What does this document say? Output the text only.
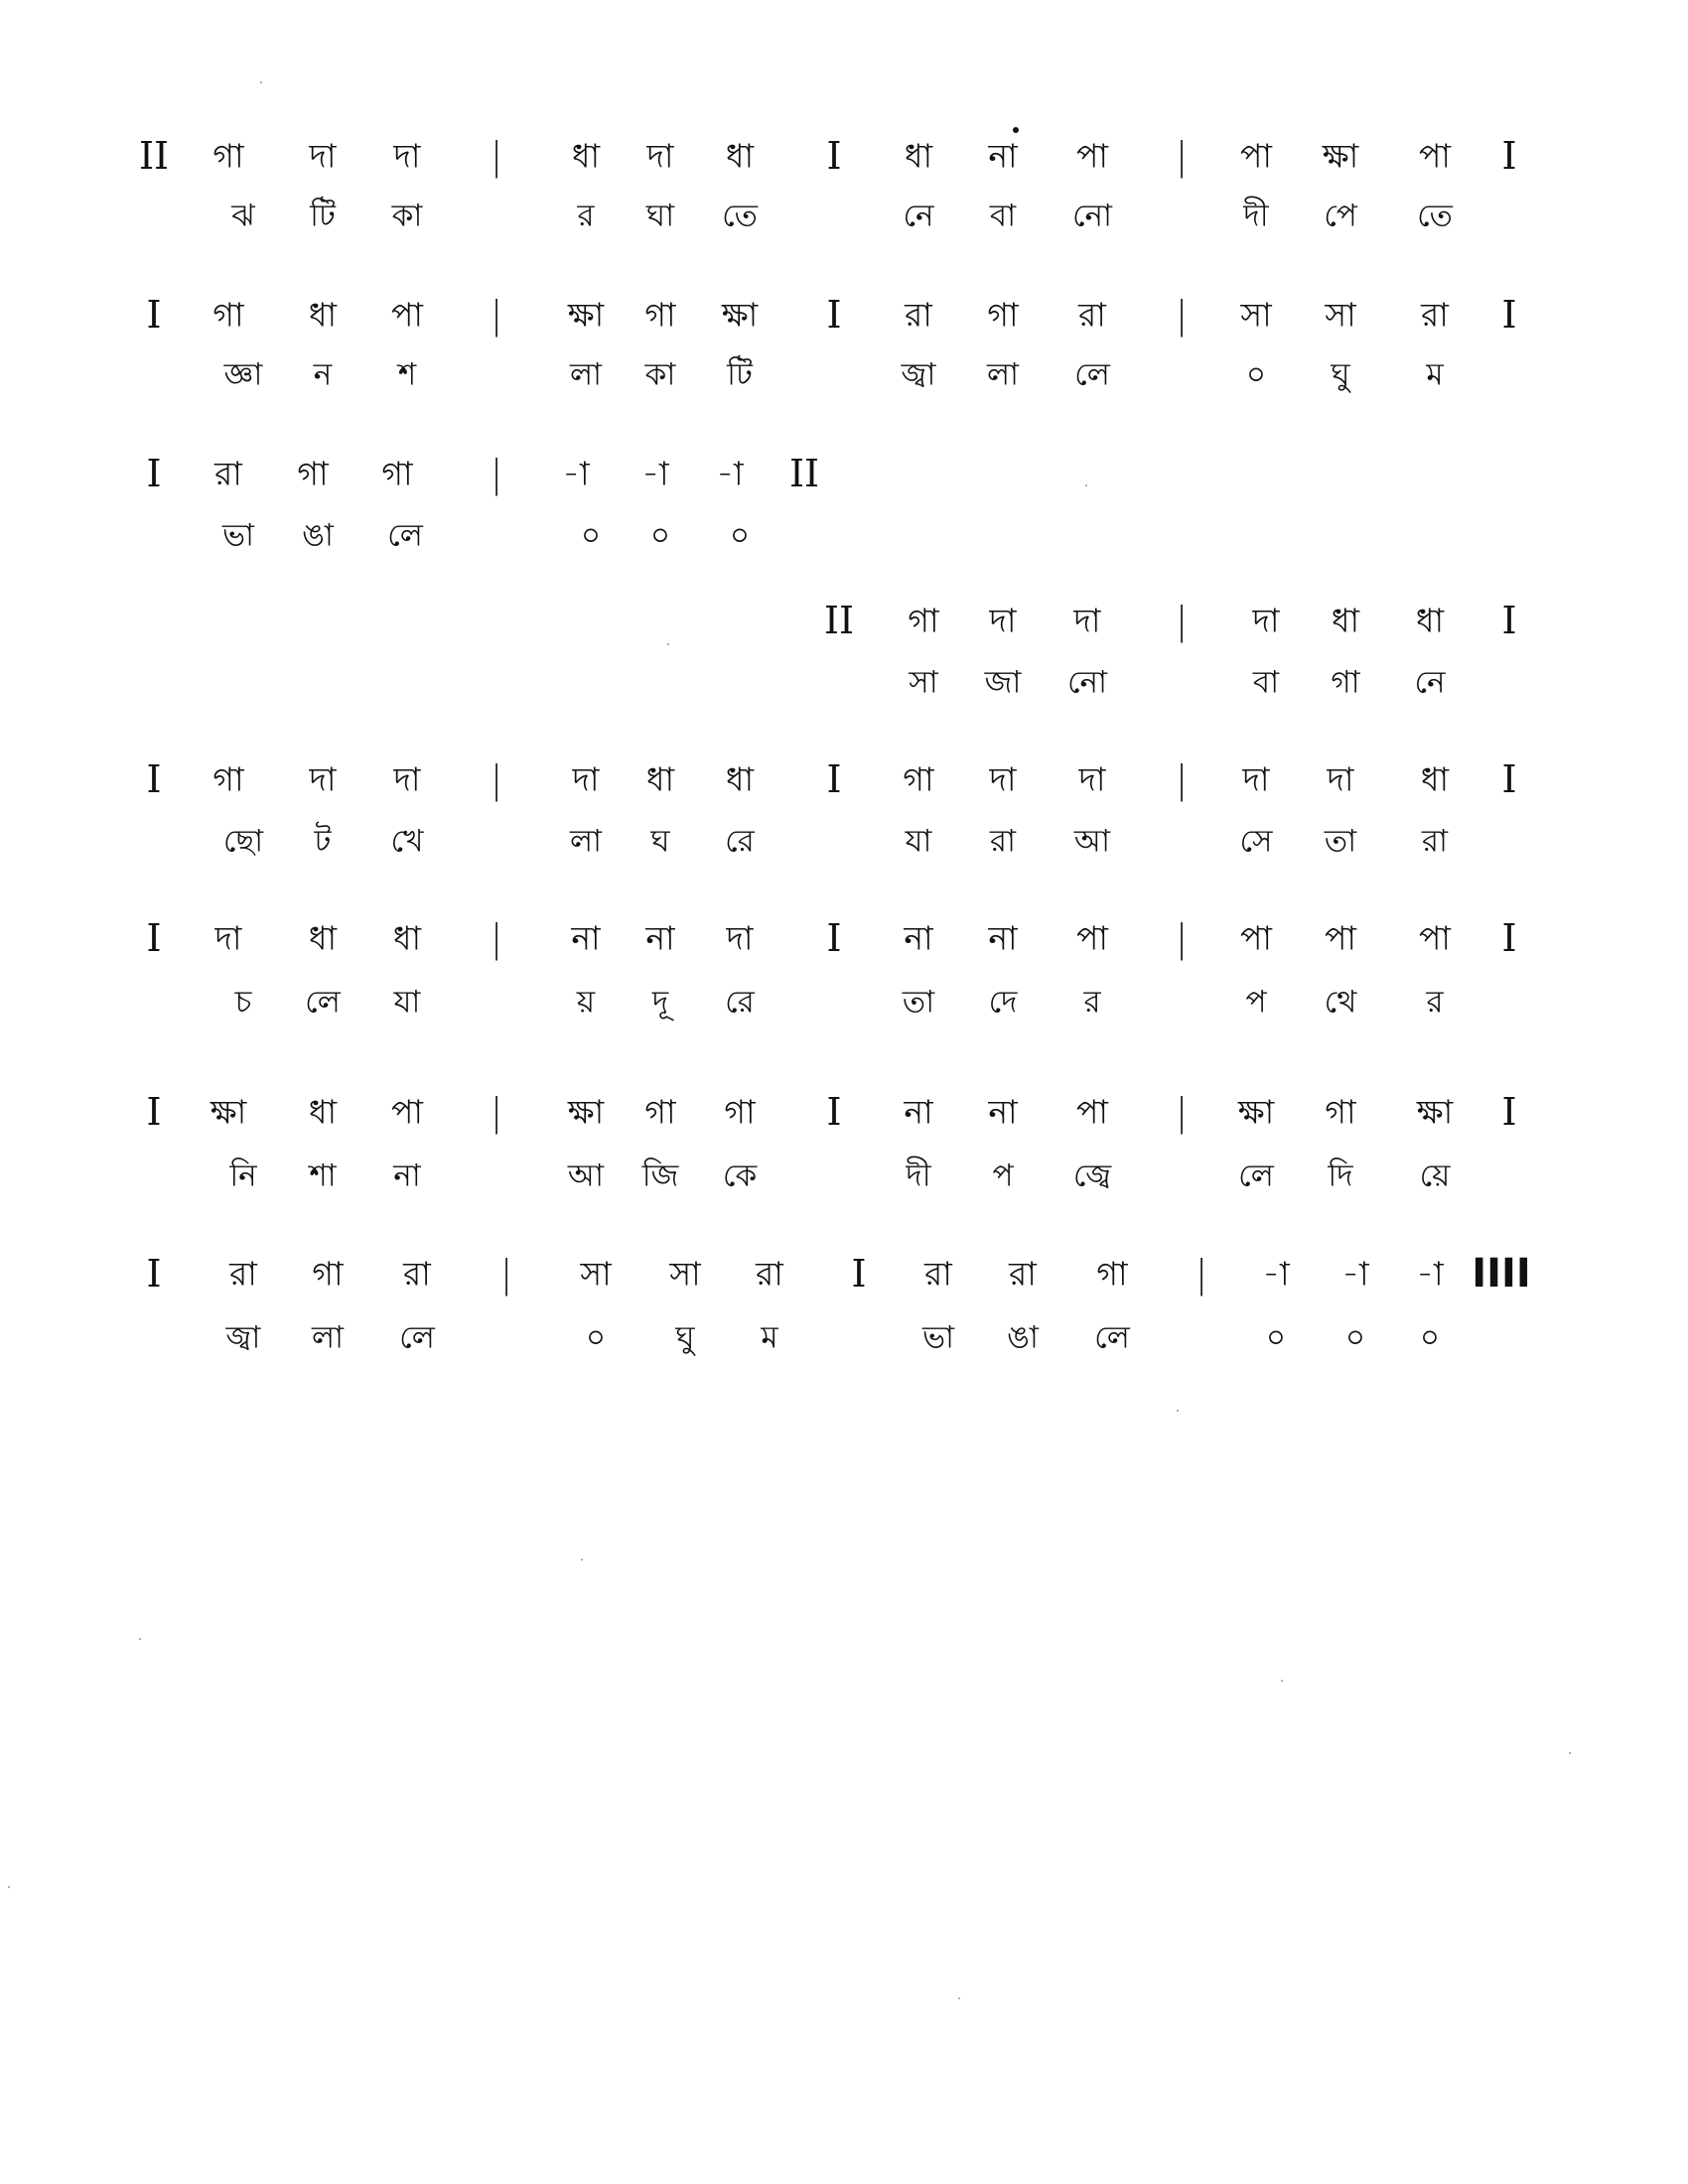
II গা দা দা | ধা দা ধা I ধা না পা | পা ক্ষা পা I
ঝ টি কা	র ঘা তে	নে বা নো	দী পে তে
I গা ধা পা | ক্ষা গা ক্ষা I রা গা রা | সা সা রা I
জ্ঞা ন শ	লা কা টি	জ্বা লা লে	০ ঘু ম
I রা গা গা | -া -া -া II
ভা ঙা লে	০ ০ ০
II গা দা দা | দা ধা ধা I
সা জা নো	বা গা নে
I গা দা দা | দা ধা ধা I গা দা দা | দা দা ধা I
ছো ট খে	লা ঘ রে	যা রা আ	সে তা রা
I দা ধা ধা | না না দা I না না পা | পা পা পা I
চ লে যা	য় দূ রে	তা দে র	প থে র
I ক্ষা ধা পা | ক্ষা গা গা I না না পা | ক্ষা গা ক্ষা I
নি শা না	আ জি কে	দী প জ্বে	লে দি য়ে
I রা গা রা | সা সা রা I রা রা গা | -া -া -া IIII
জ্বা লা লে	০ ঘু ম	ভা ঙা লে	০ ০ ০
